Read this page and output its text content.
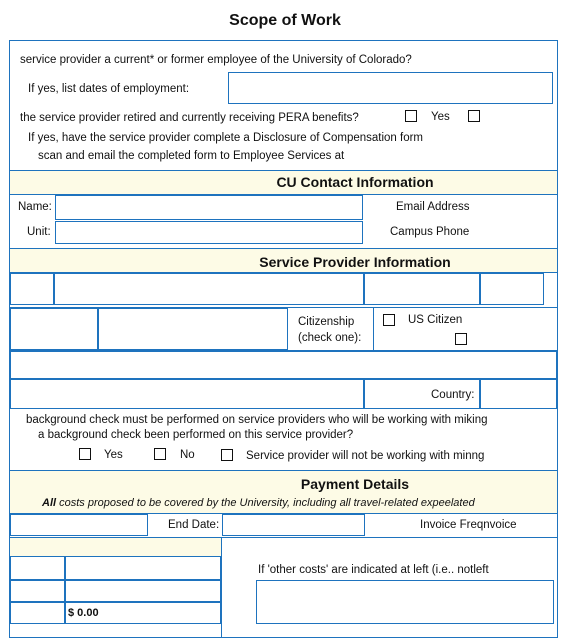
Scope of Work
service provider a current* or former employee of the University of Colorado?
If yes, list dates of employment:
the service provider retired and currently receiving PERA benefits?	Yes
If yes, have the service provider complete a Disclosure of Compensation form
scan and email the completed form to Employee Services at
CU Contact Information
Name:	Email Address
Unit:	Campus Phone
Service Provider Information
Citizenship
(check one):
US Citizen
Country:
background check must be performed on service providers who will be working with miking
a background check been performed on this service provider?
Yes	No	Service provider will not be working with minng
Payment Details
All costs proposed to be covered by the University, including all travel-related expeelated
End Date:	Invoice Freqnvoice
$ 0.00
If 'other costs' are indicated at left (i.e.. notleft
